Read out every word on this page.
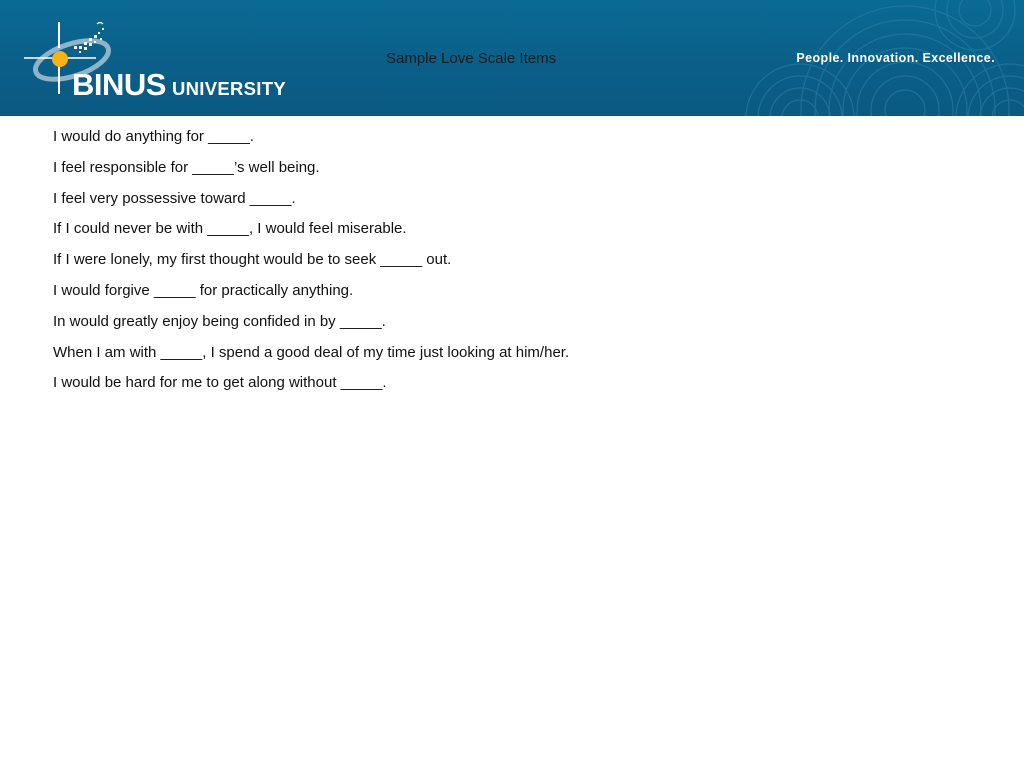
BINUS UNIVERSITY
People. Innovation. Excellence.
Sample Love Scale Items
I would do anything for _____.
I feel responsible for _____’s well being.
I feel very possessive toward _____.
If I could never be with _____, I would feel miserable.
If I were lonely, my first thought would be to seek _____ out.
I would forgive _____ for practically anything.
In would greatly enjoy being confided in by _____.
When I am with _____, I spend a good deal of my time just looking at him/her.
I would be hard for me to get along without _____.
